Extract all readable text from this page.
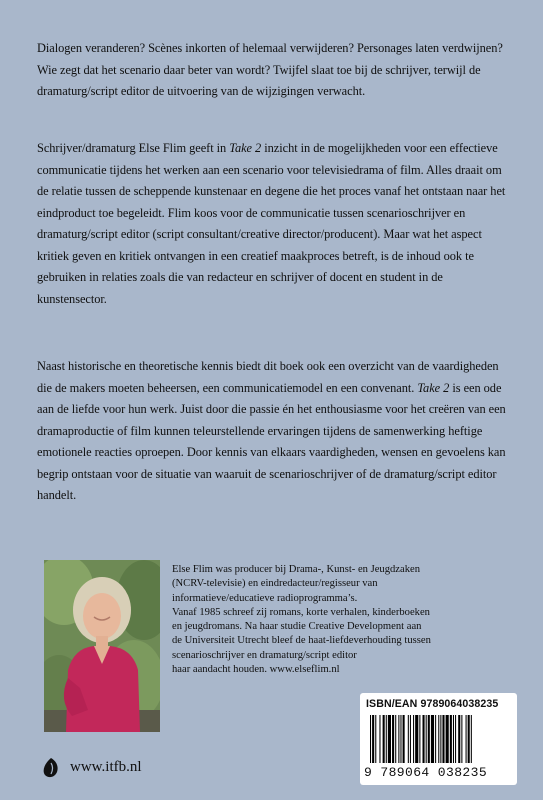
Dialogen veranderen? Scènes inkorten of helemaal verwijderen? Personages laten verdwijnen? Wie zegt dat het scenario daar beter van wordt? Twijfel slaat toe bij de schrijver, terwijl de dramaturg/script editor de uitvoering van de wijzigingen verwacht.

Schrijver/dramaturg Else Flim geeft in Take 2 inzicht in de mogelijkheden voor een effectieve communicatie tijdens het werken aan een scenario voor televisiedrama of film. Alles draait om de relatie tussen de scheppende kunstenaar en degene die het proces vanaf het ontstaan naar het eindproduct toe begeleidt. Flim koos voor de communicatie tussen scenarioschrijver en dramaturg/script editor (script consultant/creative director/producent). Maar wat het aspect kritiek geven en kritiek ontvangen in een creatief maakproces betreft, is de inhoud ook te gebruiken in relaties zoals die van redacteur en schrijver of docent en student in de kunstensector.

Naast historische en theoretische kennis biedt dit boek ook een overzicht van de vaardigheden die de makers moeten beheersen, een communicatiemodel en een convenant. Take 2 is een ode aan de liefde voor hun werk. Juist door die passie én het enthousiasme voor het creëren van een dramaproductie of film kunnen teleurstellende ervaringen tijdens de samenwerking heftige emotionele reacties oproepen. Door kennis van elkaars vaardigheden, wensen en gevoelens kan begrip ontstaan voor de situatie van waaruit de scenarioschrijver of de dramaturg/script editor handelt.

Else Flim was producer bij Drama-, Kunst- en Jeugdzaken
(NCRV-televisie) en eindredacteur/regisseur van
informatieve/educatieve radioprogramma’s.
Vanaf 1985 schreef zij romans, korte verhalen, kinderboeken
en jeugdromans. Na haar studie Creative Development aan
de Universiteit Utrecht bleef de haat-liefdeverhouding tussen
scenarioschrijver en dramaturg/script editor
haar aandacht houden. www.elseflim.nl
ISBN/EAN 9789064038235
9 789064 038235
www.itfb.nl
